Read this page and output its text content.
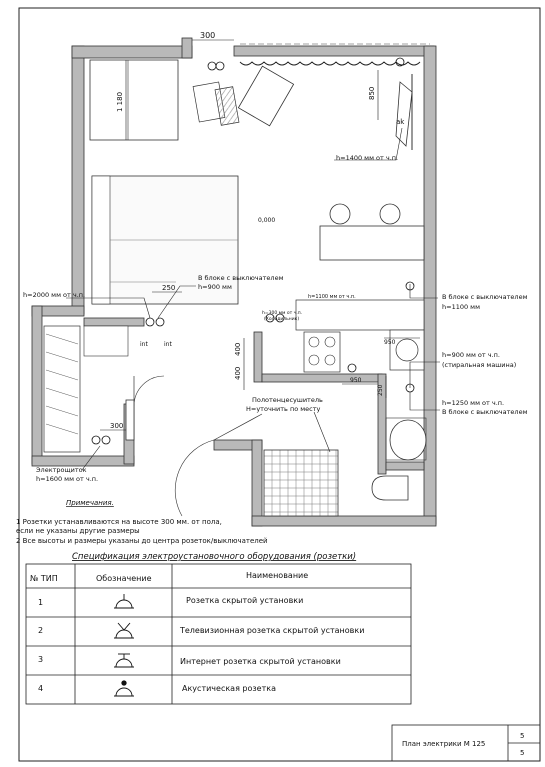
300
1 180	850
ak
0,000
h=1400 мм от ч.п.
В блоке с выключателем
h=900 мм
250
h=2000 мм от ч.п.	h=1100 мм от ч.п.
h=300 мм от ч.п.
(Холодильник)
В блоке с выключателем
h=1100 мм
int	int	400
400
950
h=900 мм от ч.п.
(стиральная машина)
950
250
Полотенцесушитель
Н=уточнить по месту
h=1250 мм от ч.п.
В блоке с выключателем
300
Электрощиток
h=1600 мм от ч.п.
Примечания.
1 Розетки устанавливаются на высоте 300 мм. от пола,
если не указаны другие размеры
2 Все высоты и размеры указаны до центра розеток/выключателей
Спецификация электроустановочного оборудования (розетки)
№ ТИП	Обозначение	Наименование
1	Розетка скрытой установки
2	Телевизионная розетка скрытой установки
3	Интернет розетка скрытой установки
4	Акустическая розетка
План электрики М 125
5
5
